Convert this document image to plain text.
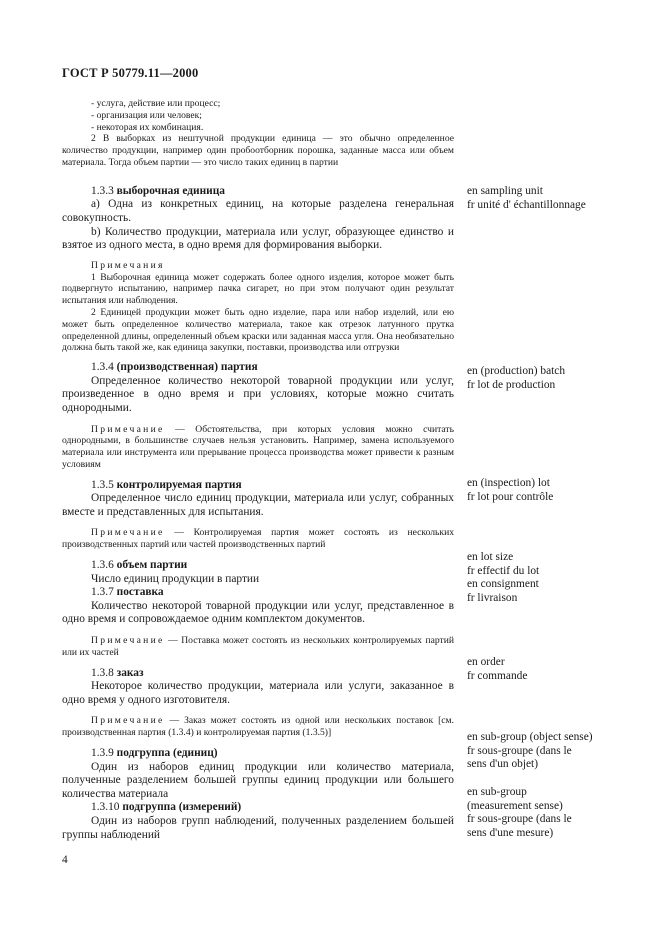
ГОСТ Р 50779.11—2000

- услуга, действие или процесс;

- организация или человек;

- некоторая их комбинация.

2 В выборках из нештучной продукции единица — это обычно определенное количество продукции, например один пробоотборник порошка, заданные масса или объем материала. Тогда объем партии — это число таких единиц в партии

1.3.3 выборочная единица

а) Одна из конкретных единиц, на которые разделена генеральная совокупность.

b) Количество продукции, материала или услуг, образующее единство и взятое из одного места, в одно время для формирования выборки.

Примечания

1 Выборочная единица может содержать более одного изделия, которое может быть подвергнуто испытанию, например пачка сигарет, но при этом получают один результат испытания или наблюдения.

2 Единицей продукции может быть одно изделие, пара или набор изделий, или ею может быть определенное количество материала, такое как отрезок латунного прутка определенной длины, определенный объем краски или заданная масса угля. Она необязательно должна быть такой же, как единица закупки, поставки, производства или отгрузки

1.3.4 (производственная) партия

Определенное количество некоторой товарной продукции или услуг, произведенное в одно время и при условиях, которые можно считать однородными.

Примечание — Обстоятельства, при которых условия можно считать однородными, в большинстве случаев нельзя установить. Например, замена используемого материала или инструмента или прерывание процесса производства может привести к разным условиям

1.3.5 контролируемая партия

Определенное число единиц продукции, материала или услуг, собранных вместе и представленных для испытания.

Примечание — Контролируемая партия может состоять из нескольких производственных партий или частей производственных партий

1.3.6 объем партии

Число единиц продукции в партии

1.3.7 поставка

Количество некоторой товарной продукции или услуг, представленное в одно время и сопровождаемое одним комплектом документов.

Примечание — Поставка может состоять из нескольких контролируемых партий или их частей

1.3.8 заказ

Некоторое количество продукции, материала или услуги, заказанное в одно время у одного изготовителя.

Примечание — Заказ может состоять из одной или нескольких поставок [см. производственная партия (1.3.4) и контролируемая партия (1.3.5)]

1.3.9 подгруппа (единиц)

Один из наборов единиц продукции или количество материала, полученные разделением большей группы единиц продукции или большего количества материала

1.3.10 подгруппа (измерений)

Один из наборов групп наблюдений, полученных разделением большей группы наблюдений

en sampling unit
fr unité d' échantillonnage
en (production) batch
fr lot de production
en (inspection) lot
fr lot pour contrôle
en lot size
fr effectif du lot
en consignment
fr livraison
en order
fr commande
en sub-group (object sense)
fr sous-groupe (dans le
sens d'un objet)
en sub-group
(measurement sense)
fr sous-groupe (dans le
sens d'une mesure)
4
